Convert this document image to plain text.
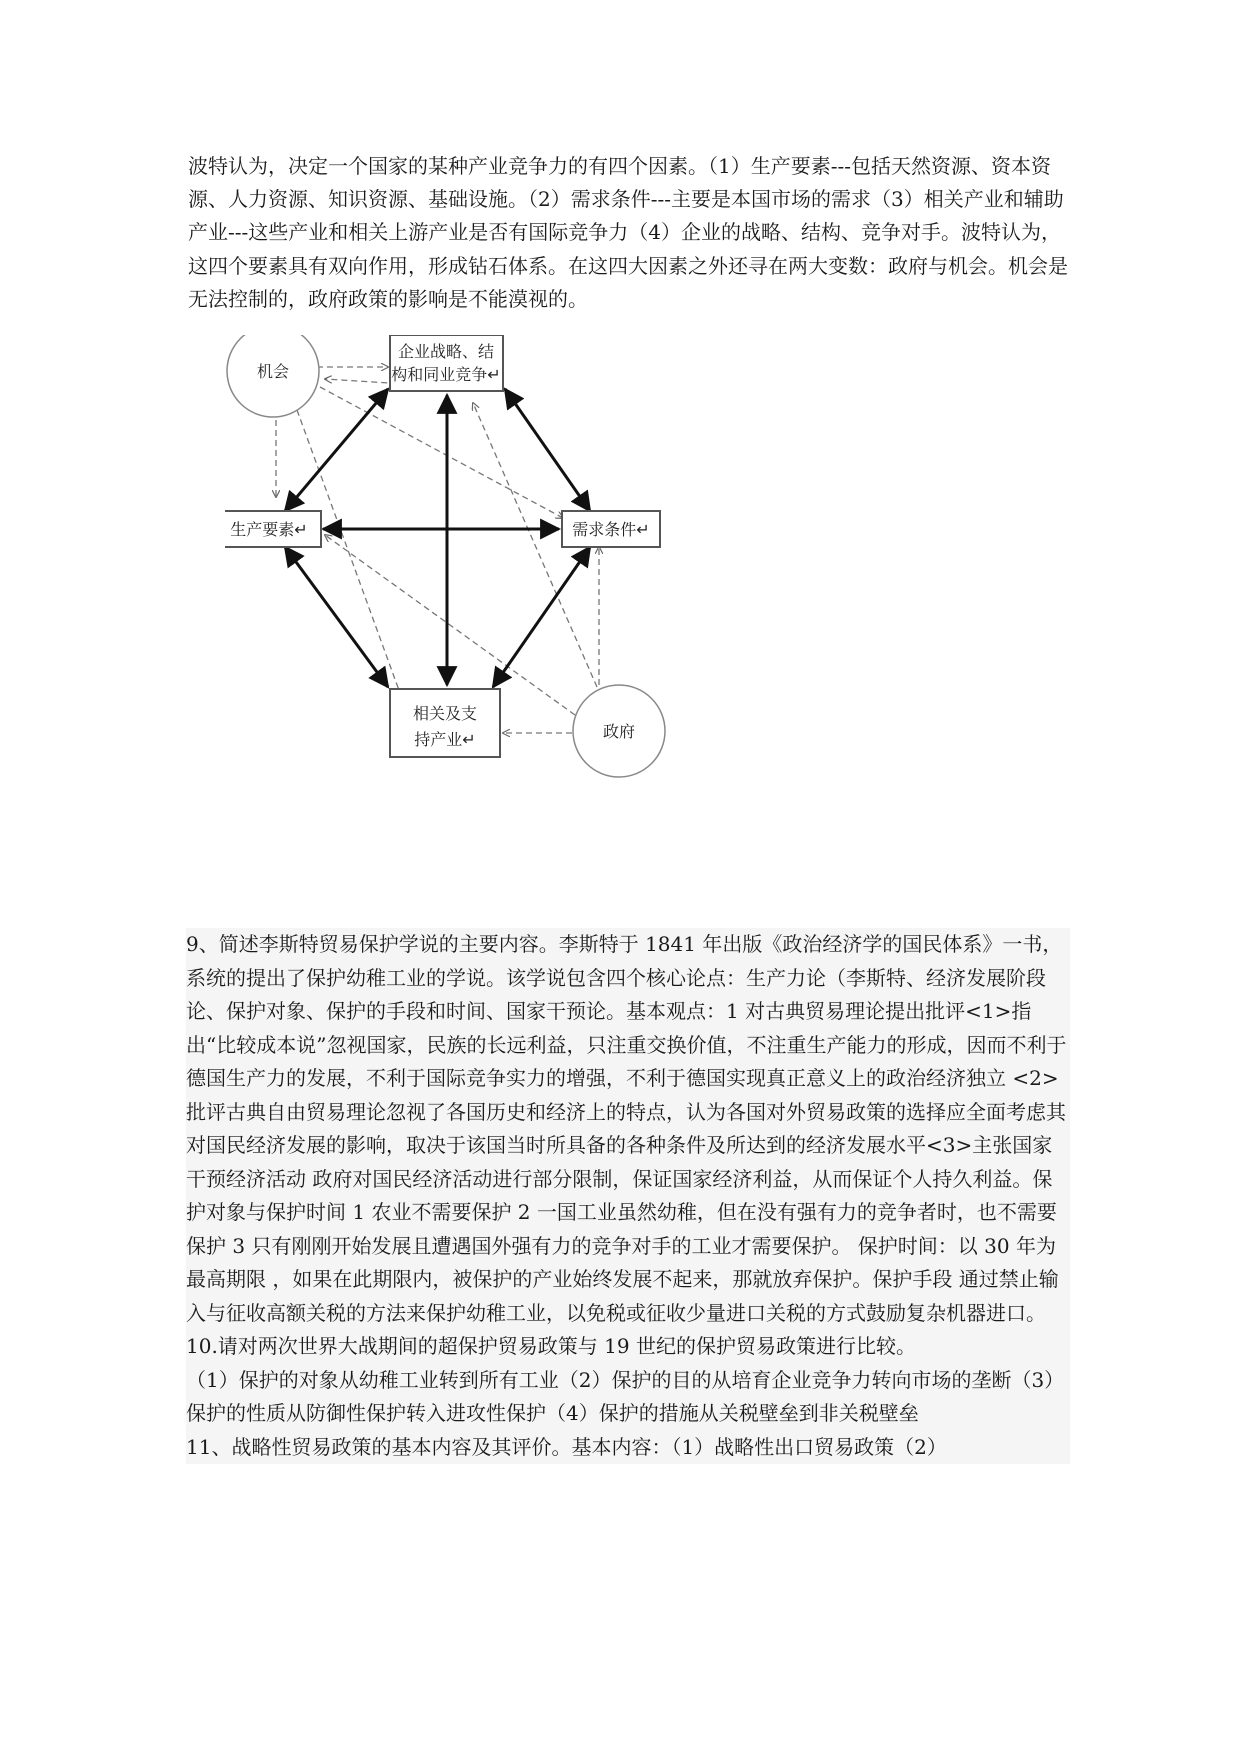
波特认为，决定一个国家的某种产业竞争力的有四个因素。（1）生产要素---包括天然资源、资本资源、人力资源、知识资源、基础设施。（2）需求条件---主要是本国市场的需求（3）相关产业和辅助产业---这些产业和相关上游产业是否有国际竞争力（4）企业的战略、结构、竞争对手。波特认为，这四个要素具有双向作用，形成钻石体系。在这四大因素之外还寻在两大变数：政府与机会。机会是无法控制的，政府政策的影响是不能漠视的。

机会
政府
企业战略、结
构和同业竞争↵
生产要素↵	需求条件↵
相关及支
持产业↵

9、简述李斯特贸易保护学说的主要内容。李斯特于 1841 年出版《政治经济学的国民体系》一书，系统的提出了保护幼稚工业的学说。该学说包含四个核心论点：生产力论（李斯特、经济发展阶段论、保护对象、保护的手段和时间、国家干预论。基本观点：1 对古典贸易理论提出批评<1>指出“比较成本说”忽视国家，民族的长远利益，只注重交换价值，不注重生产能力的形成，因而不利于德国生产力的发展，不利于国际竞争实力的增强，不利于德国实现真正意义上的政治经济独立 <2>批评古典自由贸易理论忽视了各国历史和经济上的特点，认为各国对外贸易政策的选择应全面考虑其对国民经济发展的影响，取决于该国当时所具备的各种条件及所达到的经济发展水平<3>主张国家干预经济活动 政府对国民经济活动进行部分限制，保证国家经济利益，从而保证个人持久利益。保护对象与保护时间 1 农业不需要保护 2 一国工业虽然幼稚，但在没有强有力的竞争者时，也不需要保护 3 只有刚刚开始发展且遭遇国外强有力的竞争对手的工业才需要保护。 保护时间：以 30 年为最高期限 ，如果在此期限内，被保护的产业始终发展不起来，那就放弃保护。保护手段 通过禁止输入与征收高额关税的方法来保护幼稚工业，以免税或征收少量进口关税的方式鼓励复杂机器进口。

10.请对两次世界大战期间的超保护贸易政策与 19 世纪的保护贸易政策进行比较。

（1）保护的对象从幼稚工业转到所有工业（2）保护的目的从培育企业竞争力转向市场的垄断（3）保护的性质从防御性保护转入进攻性保护（4）保护的措施从关税壁垒到非关税壁垒

11、战略性贸易政策的基本内容及其评价。基本内容：（1）战略性出口贸易政策（2）
